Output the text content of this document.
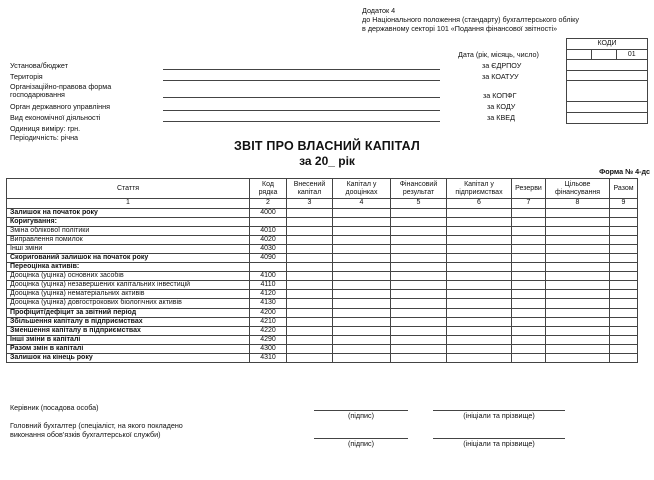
Додаток 4
до Національного положення (стандарту) бухгалтерського обліку
в державному секторі 101 «Подання фінансової звітності»
КОДИ
		01

Дата (рік, місяць, число)
Установа/бюджет	за ЄДРПОУ
Територія	за КОАТУУ
Організаційно-правова форма господарювання	за КОПФГ
Орган державного управління	за КОДУ
Вид економічної діяльності	за КВЕД
Одиниця виміру: грн.
Періодичність: річна
ЗВІТ ПРО ВЛАСНИЙ КАПІТАЛ
за 20_ рік
Форма № 4-дс
Стаття	Код рядка	Внесений капітал	Капітал у дооцінках	Фінансовий результат	Капітал у підприємствах	Резерви	Цільове фінансування	Разом
1	2	3	4	5	6	7	8	9
Залишок на початок року	4000							
Коригування:								
Зміна облікової політики	4010							
Виправлення помилок	4020							
Інші зміни	4030							
Скоригований залишок на початок року	4090							
Переоцінка активів:								
Дооцінка (уцінка) основних засобів	4100							
Дооцінка (уцінка) незавершених капітальних інвестицій	4110							
Дооцінка (уцінка) нематеріальних активів	4120							
Дооцінка (уцінка) довгострокових біологічних активів	4130							
Профіцит/дефіцит за звітний період	4200							
Збільшення капіталу в підприємствах	4210							
Зменшення капіталу в підприємствах	4220							
Інші зміни в капіталі	4290							
Разом змін в капіталі	4300							
Залишок на кінець року	4310							
Керівник (посадова особа)
(підпис)	(ініціали та прізвище)
Головний бухгалтер (спеціаліст, на якого покладено
виконання обов’язків бухгалтерської служби)
(підпис)	(ініціали та прізвище)
